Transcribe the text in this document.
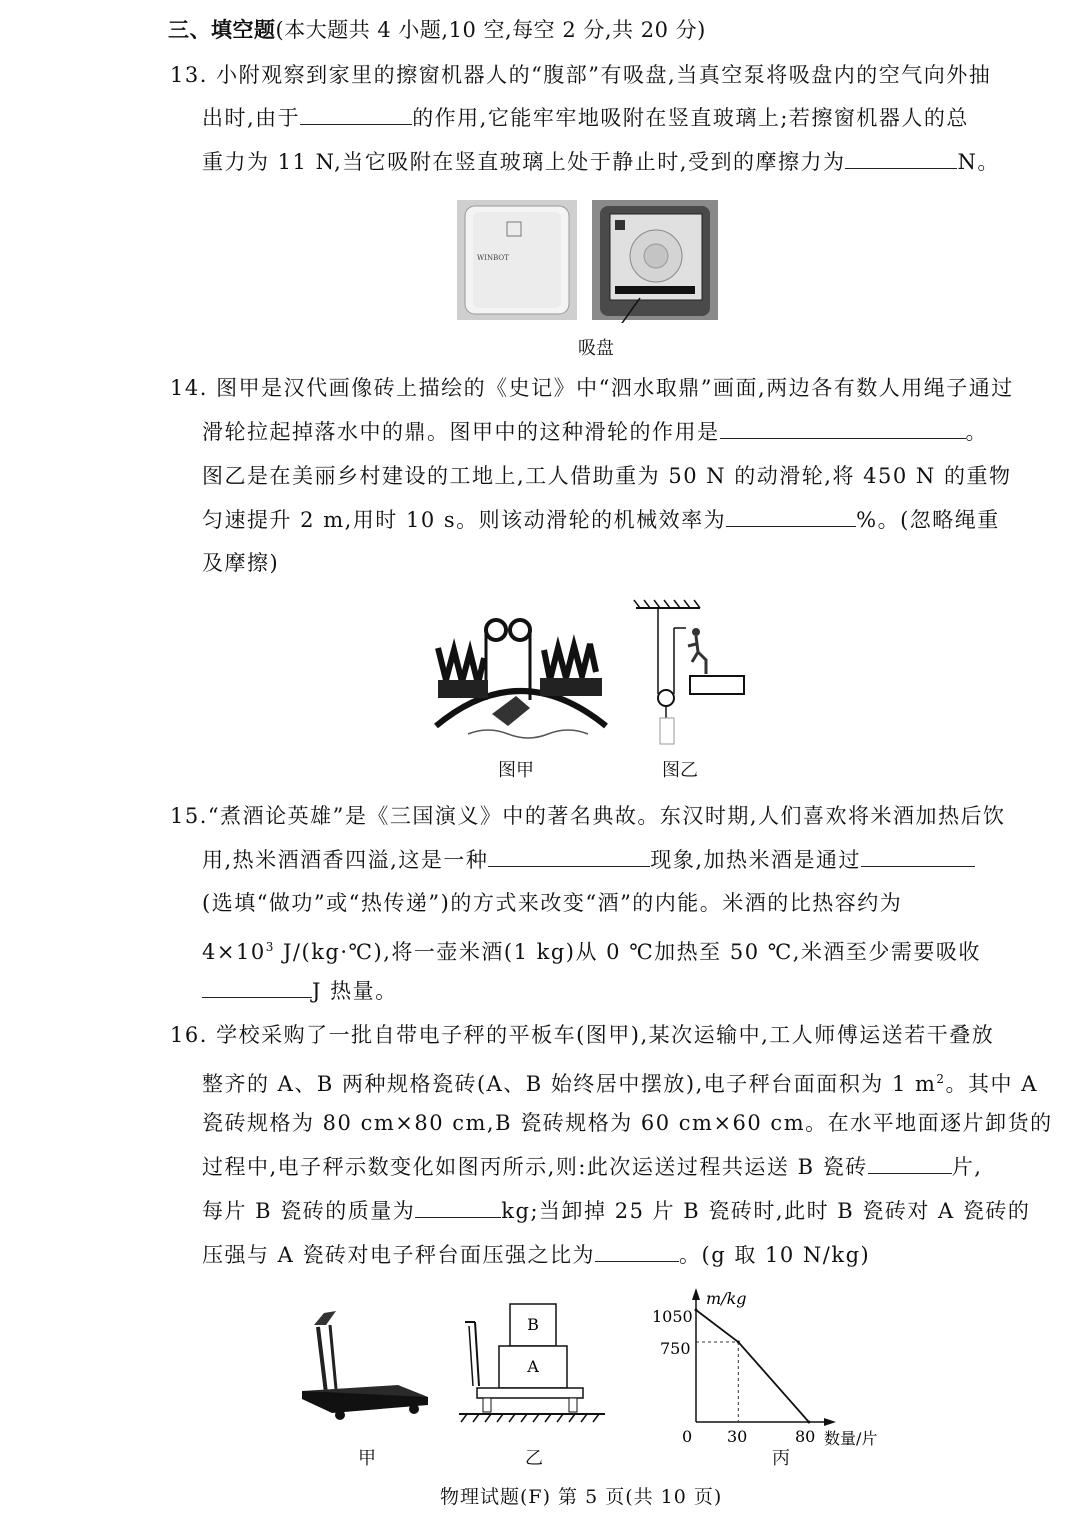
三、填空题(本大题共 4 小题,10 空,每空 2 分,共 20 分)
13. 小附观察到家里的擦窗机器人的“腹部”有吸盘,当真空泵将吸盘内的空气向外抽
出时,由于	的作用,它能牢牢地吸附在竖直玻璃上;若擦窗机器人的总
重力为 11 N,当它吸附在竖直玻璃上处于静止时,受到的摩擦力为	N。
WINBOT
吸盘
14. 图甲是汉代画像砖上描绘的《史记》中“泗水取鼎”画面,两边各有数人用绳子通过
滑轮拉起掉落水中的鼎。图甲中的这种滑轮的作用是	。
图乙是在美丽乡村建设的工地上,工人借助重为 50 N 的动滑轮,将 450 N 的重物
匀速提升 2 m,用时 10 s。则该动滑轮的机械效率为	%。(忽略绳重
及摩擦)
图甲	图乙
15.“煮酒论英雄”是《三国演义》中的著名典故。东汉时期,人们喜欢将米酒加热后饮
用,热米酒酒香四溢,这是一种	现象,加热米酒是通过
(选填“做功”或“热传递”)的方式来改变“酒”的内能。米酒的比热容约为
$4\times 10^3$ J/(kg·℃),将一壶米酒(1 kg)从 0 ℃加热至 50 ℃,米酒至少需要吸收
J 热量。
16. 学校采购了一批自带电子秤的平板车(图甲),某次运输中,工人师傅运送若干叠放
整齐的 A、B 两种规格瓷砖(A、B 始终居中摆放),电子秤台面面积为 1 $m^2$。其中 A
瓷砖规格为 80 cm×80 cm,B 瓷砖规格为 60 cm×60 cm。在水平地面逐片卸货的
过程中,电子秤示数变化如图丙所示,则:此次运送过程共运送 B 瓷砖	片,
每片 B 瓷砖的质量为	kg;当卸掉 25 片 B 瓷砖时,此时 B 瓷砖对 A 瓷砖的
压强与 A 瓷砖对电子秤台面压强之比为	。(g 取 10 N/kg)
甲
B
A
乙
m/kg
数量/片
0 30	80
1050
750
丙
物理试题(F) 第 5 页(共 10 页)
